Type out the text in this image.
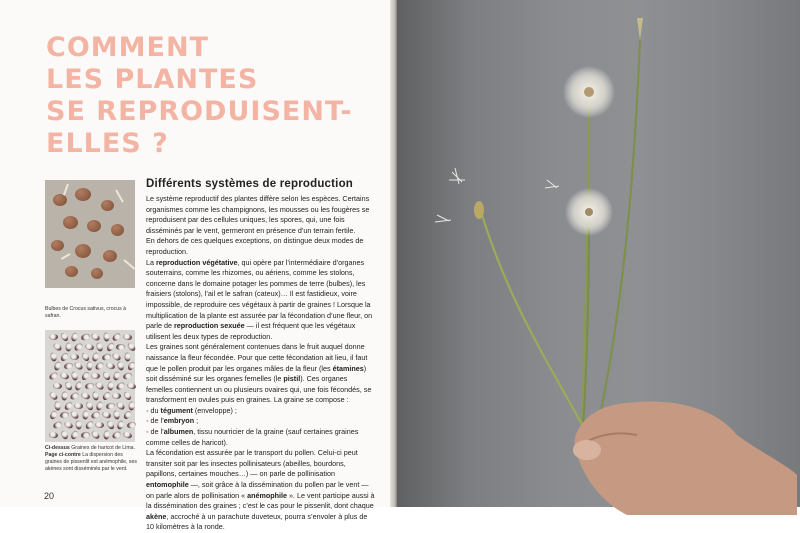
COMMENT
LES PLANTES
SE REPRODUISENT-
ELLES ?

Bulbes de Crocus sativus, crocus à safran.

Ci-dessus Graines de haricot de Lima. Page ci-contre La dispersion des graines de pissenlit est anémophile, ses akènes sont disséminés par le vent.

Différents systèmes de reproduction

Le système reproductif des plantes diffère selon les espèces. Certains organismes comme les champignons, les mousses ou les fougères se reproduisent par des cellules uniques, les spores, qui, une fois disséminés par le vent, germeront en présence d’un terrain fertile.

En dehors de ces quelques exceptions, on distingue deux modes de reproduction.

La reproduction végétative, qui opère par l’intermédiaire d’organes souterrains, comme les rhizomes, ou aériens, comme les stolons, concerne dans le domaine potager les pommes de terre (bulbes), les fraisiers (stolons), l’ail et le safran (cateux)… Il est fastidieux, voire impossible, de reproduire ces végétaux à partir de graines ! Lorsque la multiplication de la plante est assurée par la fécondation d’une fleur, on parle de reproduction sexuée — il est fréquent que les végétaux utilisent les deux types de reproduction.

Les graines sont généralement contenues dans le fruit auquel donne naissance la fleur fécondée. Pour que cette fécondation ait lieu, il faut que le pollen produit par les organes mâles de la fleur (les étamines) soit disséminé sur les organes femelles (le pistil). Ces organes femelles contiennent un ou plusieurs ovaires qui, une fois fécondés, se transforment en ovules puis en graines. La graine se compose :

▪ du tégument (enveloppe) ;

▪ de l’embryon ;

▪ de l’albumen, tissu nourricier de la graine (sauf certaines graines comme celles de haricot).

La fécondation est assurée par le transport du pollen. Celui-ci peut transiter soit par les insectes pollinisateurs (abeilles, bourdons, papillons, certaines mouches…) — on parle de pollinisation entomophile —, soit grâce à la dissémination du pollen par le vent — on parle alors de pollinisation « anémophile ». Le vent participe aussi à la dissémination des graines ; c’est le cas pour le pissenlit, dont chaque akène, accroché à un parachute duveteux, pourra s’envoler à plus de 10 kilomètres à la ronde.

20
